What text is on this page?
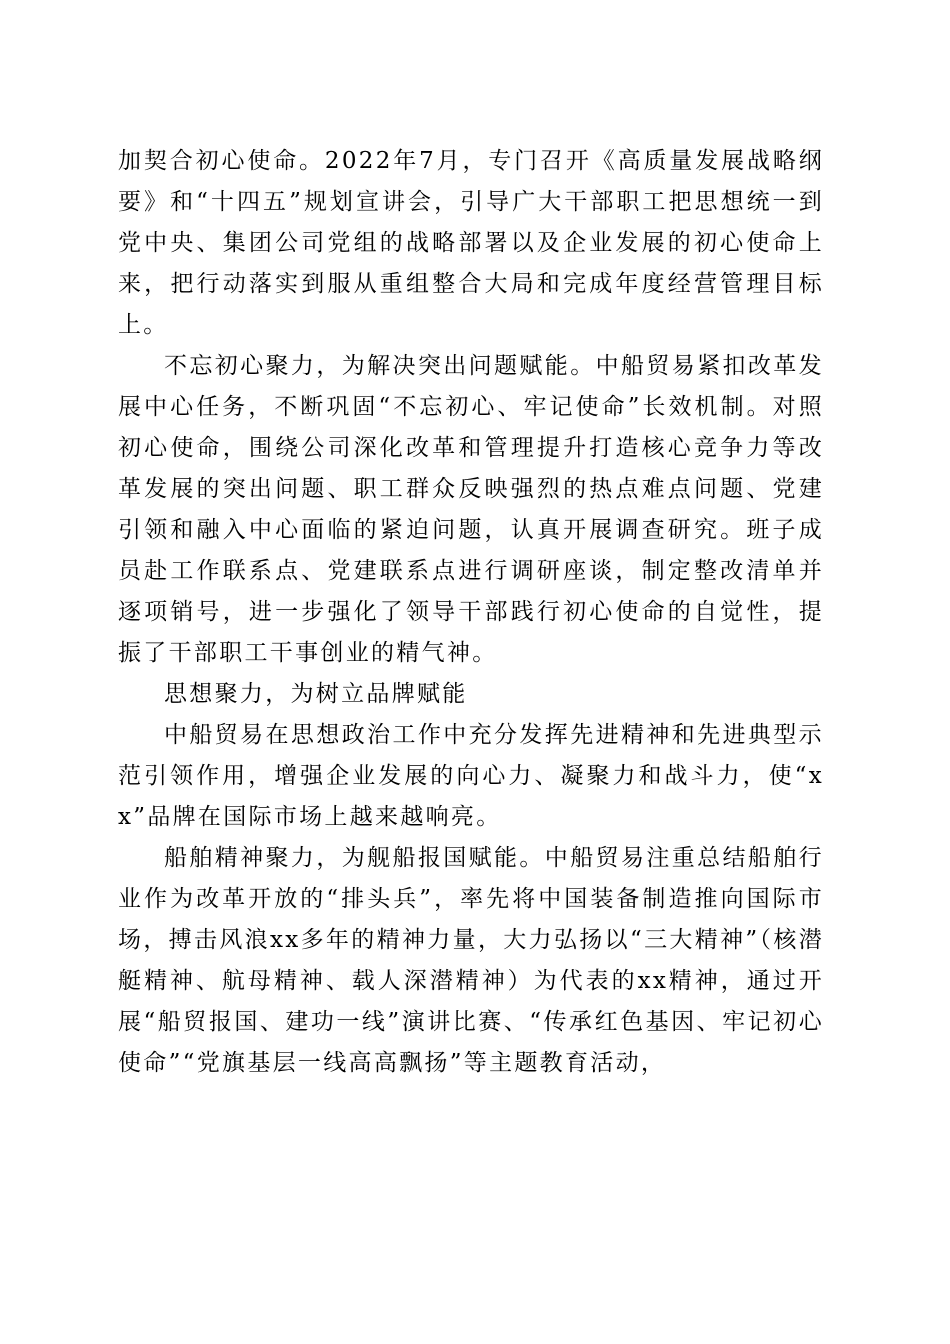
加契合初心使命。2022年7月，专门召开《高质量发展战略纲要》和“十四五”规划宣讲会，引导广大干部职工把思想统一到党中央、集团公司党组的战略部署以及企业发展的初心使命上来，把行动落实到服从重组整合大局和完成年度经营管理目标上。

不忘初心聚力，为解决突出问题赋能。中船贸易紧扣改革发展中心任务，不断巩固“不忘初心、牢记使命”长效机制。对照初心使命，围绕公司深化改革和管理提升打造核心竞争力等改革发展的突出问题、职工群众反映强烈的热点难点问题、党建引领和融入中心面临的紧迫问题，认真开展调查研究。班子成员赴工作联系点、党建联系点进行调研座谈，制定整改清单并逐项销号，进一步强化了领导干部践行初心使命的自觉性，提振了干部职工干事创业的精气神。

思想聚力，为树立品牌赋能

中船贸易在思想政治工作中充分发挥先进精神和先进典型示范引领作用，增强企业发展的向心力、凝聚力和战斗力，使“xx”品牌在国际市场上越来越响亮。

船舶精神聚力，为舰船报国赋能。中船贸易注重总结船舶行业作为改革开放的“排头兵”，率先将中国装备制造推向国际市场，搏击风浪xx多年的精神力量，大力弘扬以“三大精神”（核潜艇精神、航母精神、载人深潜精神）为代表的xx精神，通过开展“船贸报国、建功一线”演讲比赛、“传承红色基因、牢记初心使命”“党旗基层一线高高飘扬”等主题教育活动，
